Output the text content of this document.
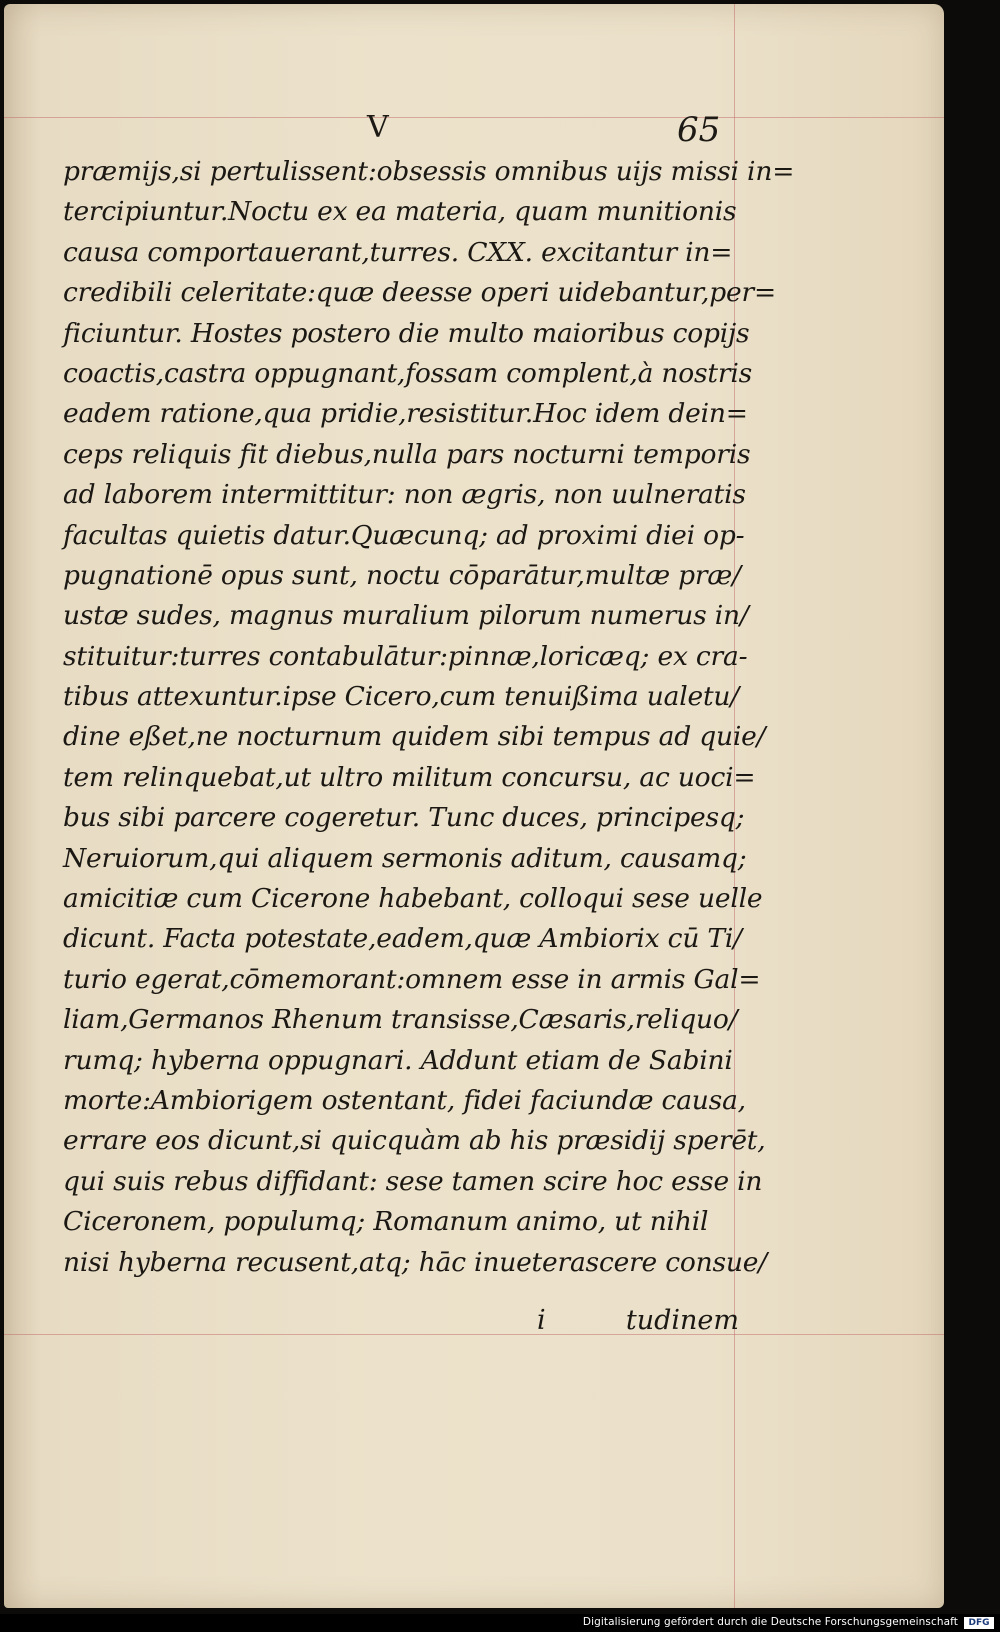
V	65
præmijs,si pertulissent:obsessis omnibus uijs missi in=
tercipiuntur.Noctu ex ea materia, quam munitionis
causa comportauerant,turres. CXX. excitantur in=
credibili celeritate:quæ deesse operi uidebantur,per=
ficiuntur. Hostes postero die multo maioribus copijs
coactis,castra oppugnant,fossam complent,à nostris
eadem ratione,qua pridie,resistitur.Hoc idem dein=
ceps reliquis fit diebus,nulla pars nocturni temporis
ad laborem intermittitur: non ægris, non uulneratis
facultas quietis datur.Quæcunq; ad proximi diei op-
pugnationē opus sunt, noctu cōparātur,multæ præ/
ustæ sudes, magnus muralium pilorum numerus in/
stituitur:turres contabulātur:pinnæ,loricæq; ex cra-
tibus attexuntur.ipse Cicero,cum tenuißima ualetu/
dine eßet,ne nocturnum quidem sibi tempus ad quie/
tem relinquebat,ut ultro militum concursu, ac uoci=
bus sibi parcere cogeretur. Tunc duces, principesq;
Neruiorum,qui aliquem sermonis aditum, causamq;
amicitiæ cum Cicerone habebant, colloqui sese uelle
dicunt. Facta potestate,eadem,quæ Ambiorix cū Ti/
turio egerat,cōmemorant:omnem esse in armis Gal=
liam,Germanos Rhenum transisse,Cæsaris,reliquo/
rumq; hyberna oppugnari. Addunt etiam de Sabini
morte:Ambiorigem ostentant, fidei faciundæ causa,
errare eos dicunt,si quicquàm ab his præsidij sperēt,
qui suis rebus diffidant: sese tamen scire hoc esse in
Ciceronem, populumq; Romanum animo, ut nihil
nisi hyberna recusent,atq; hāc inueterascere consue/
i	tudinem
Digitalisierung gefördert durch die Deutsche Forschungsgemeinschaft	DFG
